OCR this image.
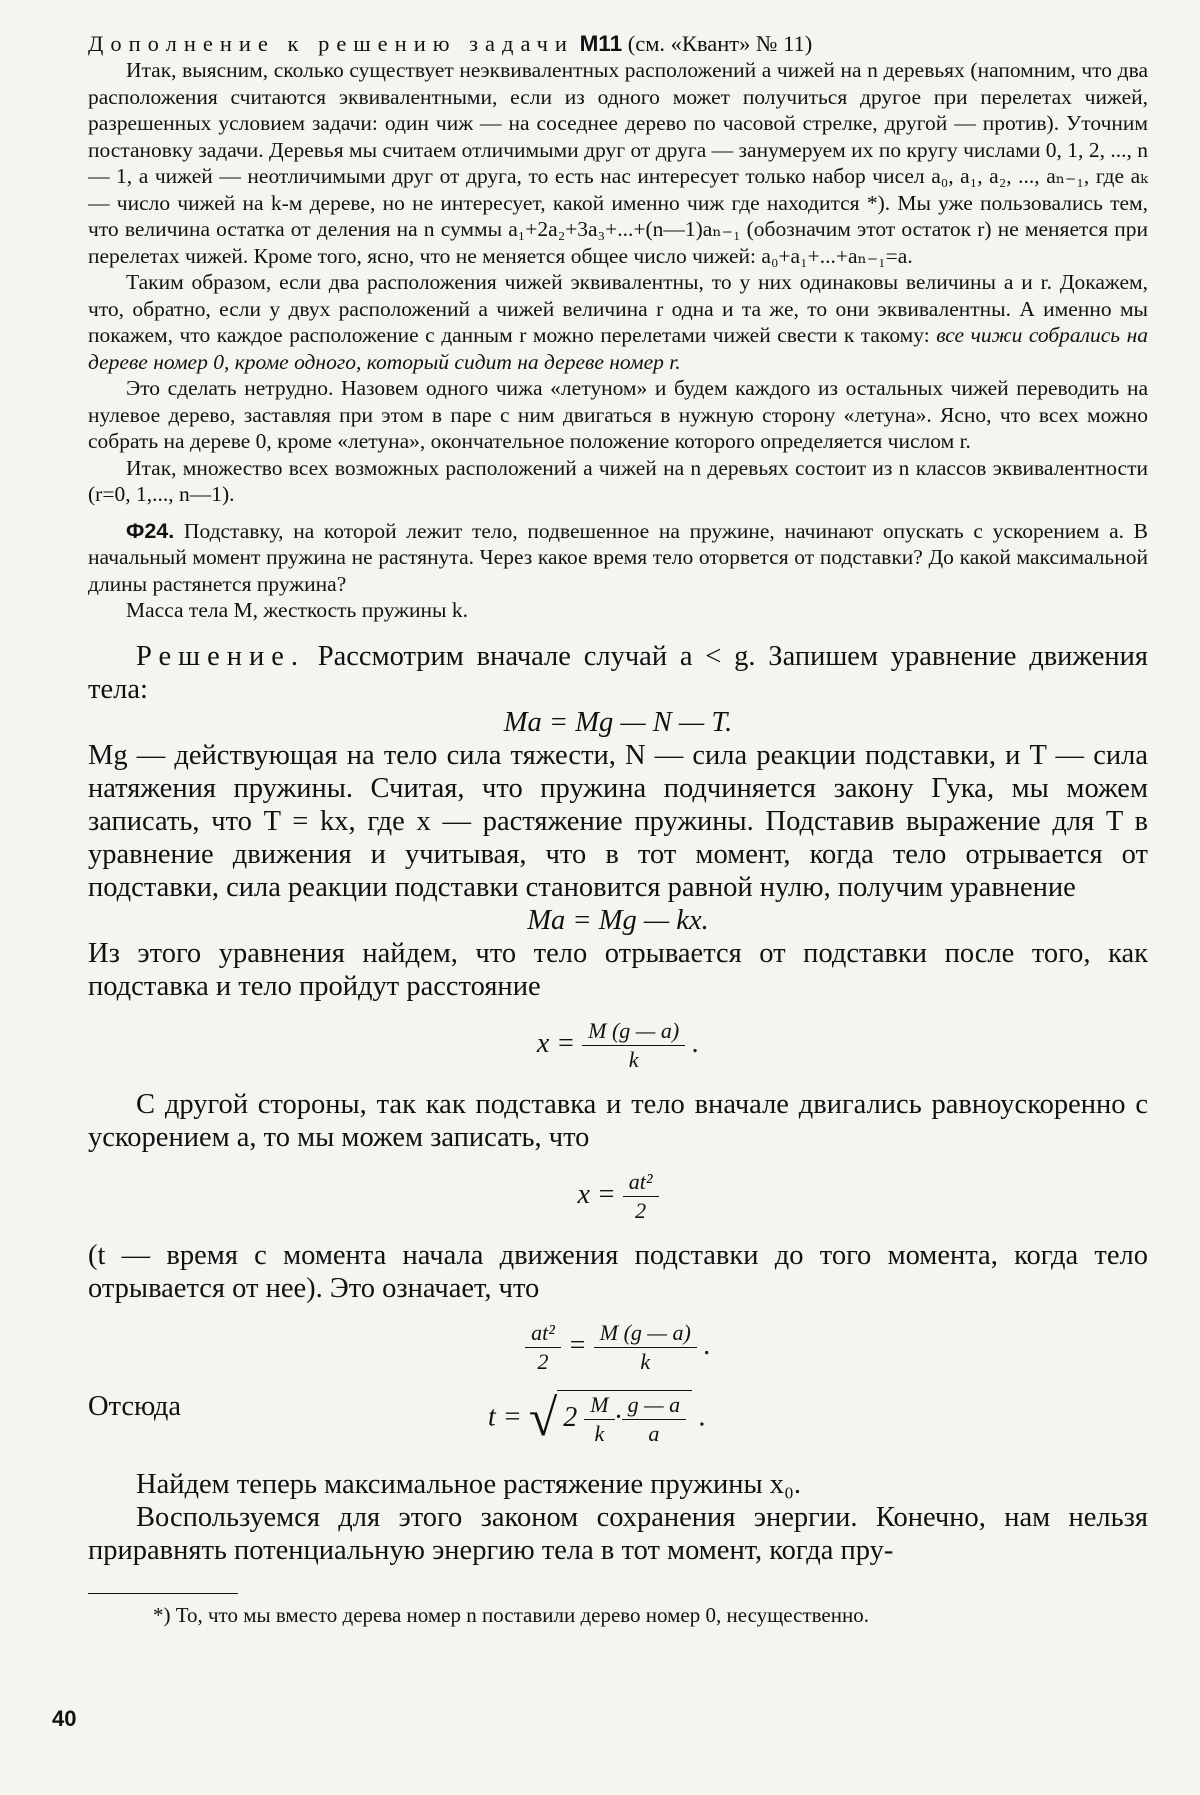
Дополнение к решению задачи М11 (см. «Квант» № 11)

Итак, выясним, сколько существует неэквивалентных расположений a чижей на n деревьях (напомним, что два расположения считаются эквивалентными, если из одного может получиться другое при перелетах чижей, разрешенных условием задачи: один чиж — на соседнее дерево по часовой стрелке, другой — против). Уточним постановку задачи. Деревья мы считаем отличимыми друг от друга — занумеруем их по кругу числами 0, 1, 2, ..., n — 1, а чижей — неотличимыми друг от друга, то есть нас интересует только набор чисел a₀, a₁, a₂, ..., aₙ₋₁, где aₖ — число чижей на k-м дереве, но не интересует, какой именно чиж где находится *). Мы уже пользовались тем, что величина остатка от деления на n суммы a₁+2a₂+3a₃+...+(n—1)aₙ₋₁ (обозначим этот остаток r) не меняется при перелетах чижей. Кроме того, ясно, что не меняется общее число чижей: a₀+a₁+...+aₙ₋₁=a.

Таким образом, если два расположения чижей эквивалентны, то у них одинаковы величины a и r. Докажем, что, обратно, если у двух расположений a чижей величина r одна и та же, то они эквивалентны. А именно мы покажем, что каждое расположение с данным r можно перелетами чижей свести к такому: все чижи собрались на дереве номер 0, кроме одного, который сидит на дереве номер r.

Это сделать нетрудно. Назовем одного чижа «летуном» и будем каждого из остальных чижей переводить на нулевое дерево, заставляя при этом в паре с ним двигаться в нужную сторону «летуна». Ясно, что всех можно собрать на дереве 0, кроме «летуна», окончательное положение которого определяется числом r.

Итак, множество всех возможных расположений a чижей на n деревьях состоит из n классов эквивалентности (r=0, 1,..., n—1).

Ф24. Подставку, на которой лежит тело, подвешенное на пружине, начинают опускать с ускорением a. В начальный момент пружина не растянута. Через какое время тело оторвется от подставки? До какой максимальной длины растянется пружина?

Масса тела M, жесткость пружины k.

Решение. Рассмотрим вначале случай a < g. Запишем уравнение движения тела:

Ma = Mg — N — T.

Mg — действующая на тело сила тяжести, N — сила реакции подставки, и T — сила натяжения пружины. Считая, что пружина подчиняется закону Гука, мы можем записать, что T = kx, где x — растяжение пружины. Подставив выражение для T в уравнение движения и учитывая, что в тот момент, когда тело отрывается от подставки, сила реакции подставки становится равной нулю, получим уравнение

Ma = Mg — kx.

Из этого уравнения найдем, что тело отрывается от подставки после того, как подставка и тело пройдут расстояние

$x = \frac{M (g — a)}{k}$ .

С другой стороны, так как подставка и тело вначале двигались равноускоренно с ускорением a, то мы можем записать, что

$x = \frac{\text{at²}}{2}$

(t — время с момента начала движения подставки до того момента, когда тело отрывается от нее). Это означает, что

$\frac{\text{at²}}{2} = \frac{M (g — a)}{k}$ .
Отсюда	t = √ $2 \frac{M}{k} \cdot \frac{g — a}{a}$ .

Найдем теперь максимальное растяжение пружины x₀.

Воспользуемся для этого законом сохранения энергии. Конечно, нам нельзя приравнять потенциальную энергию тела в тот момент, когда пру-

*) То, что мы вместо дерева номер n поставили дерево номер 0, несущественно.
40
